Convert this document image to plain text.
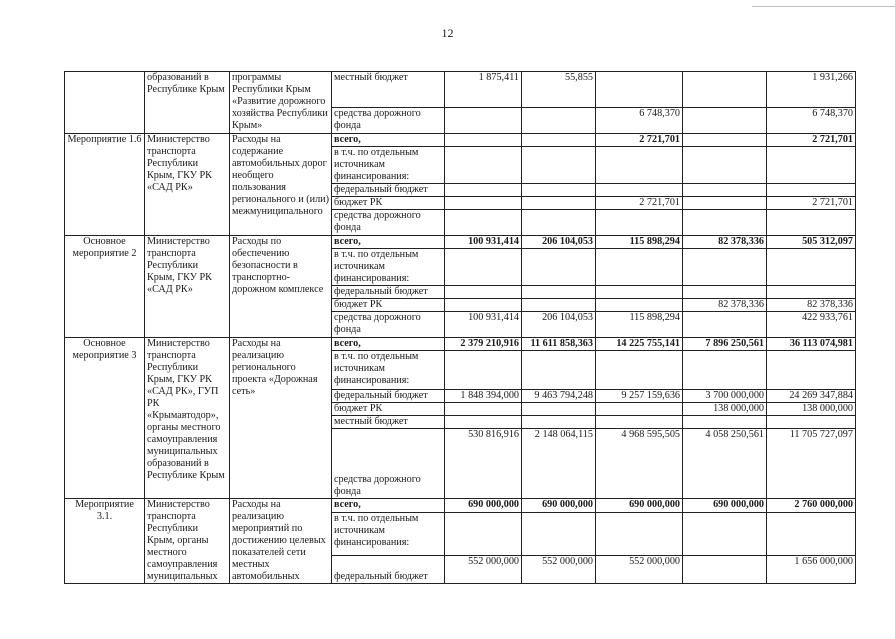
12
	образований в Республике Крым	программы Республики Крым «Развитие дорожного хозяйства Республики Крым»	местный бюджет	1 875,411	55,855			1 931,266
			средства дорожного фонда			6 748,370		6 748,370
Мероприятие 1.6	Министерство транспорта Республики Крым, ГКУ РК «САД РК»	Расходы на содержание автомобильных дорог необщего пользования регионального и (или) межмуниципального	всего,			2 721,701		2 721,701
			в т.ч. по отдельным источникам финансирования:					
			федеральный бюджет					
			бюджет РК			2 721,701		2 721,701
			средства дорожного фонда					
Основное мероприятие 2	Министерство транспорта Республики Крым, ГКУ РК «САД РК»	Расходы по обеспечению безопасности в транспортно-дорожном комплексе	всего,	100 931,414	206 104,053	115 898,294	82 378,336	505 312,097
			в т.ч. по отдельным источникам финансирования:					
			федеральный бюджет					
			бюджет РК				82 378,336	82 378,336
			средства дорожного фонда	100 931,414	206 104,053	115 898,294		422 933,761
Основное мероприятие 3	Министерство транспорта Республики Крым, ГКУ РК «САД РК», ГУП РК «Крымавтодор», органы местного самоуправления муниципальных образований в Республике Крым	Расходы на реализацию регионального проекта «Дорожная сеть»	всего,	2 379 210,916	11 611 858,363	14 225 755,141	7 896 250,561	36 113 074,981
			в т.ч. по отдельным источникам финансирования:					
			федеральный бюджет	1 848 394,000	9 463 794,248	9 257 159,636	3 700 000,000	24 269 347,884
			бюджет РК				138 000,000	138 000,000
			местный бюджет					
			средства дорожного фонда	530 816,916	2 148 064,115	4 968 595,505	4 058 250,561	11 705 727,097
Мероприятие 3.1.	Министерство транспорта Республики Крым, органы местного самоуправления муниципальных	Расходы на реализацию мероприятий по достижению целевых показателей сети местных автомобильных	всего,	690 000,000	690 000,000	690 000,000	690 000,000	2 760 000,000
			в т.ч. по отдельным источникам финансирования:					
			федеральный бюджет	552 000,000	552 000,000	552 000,000		1 656 000,000
